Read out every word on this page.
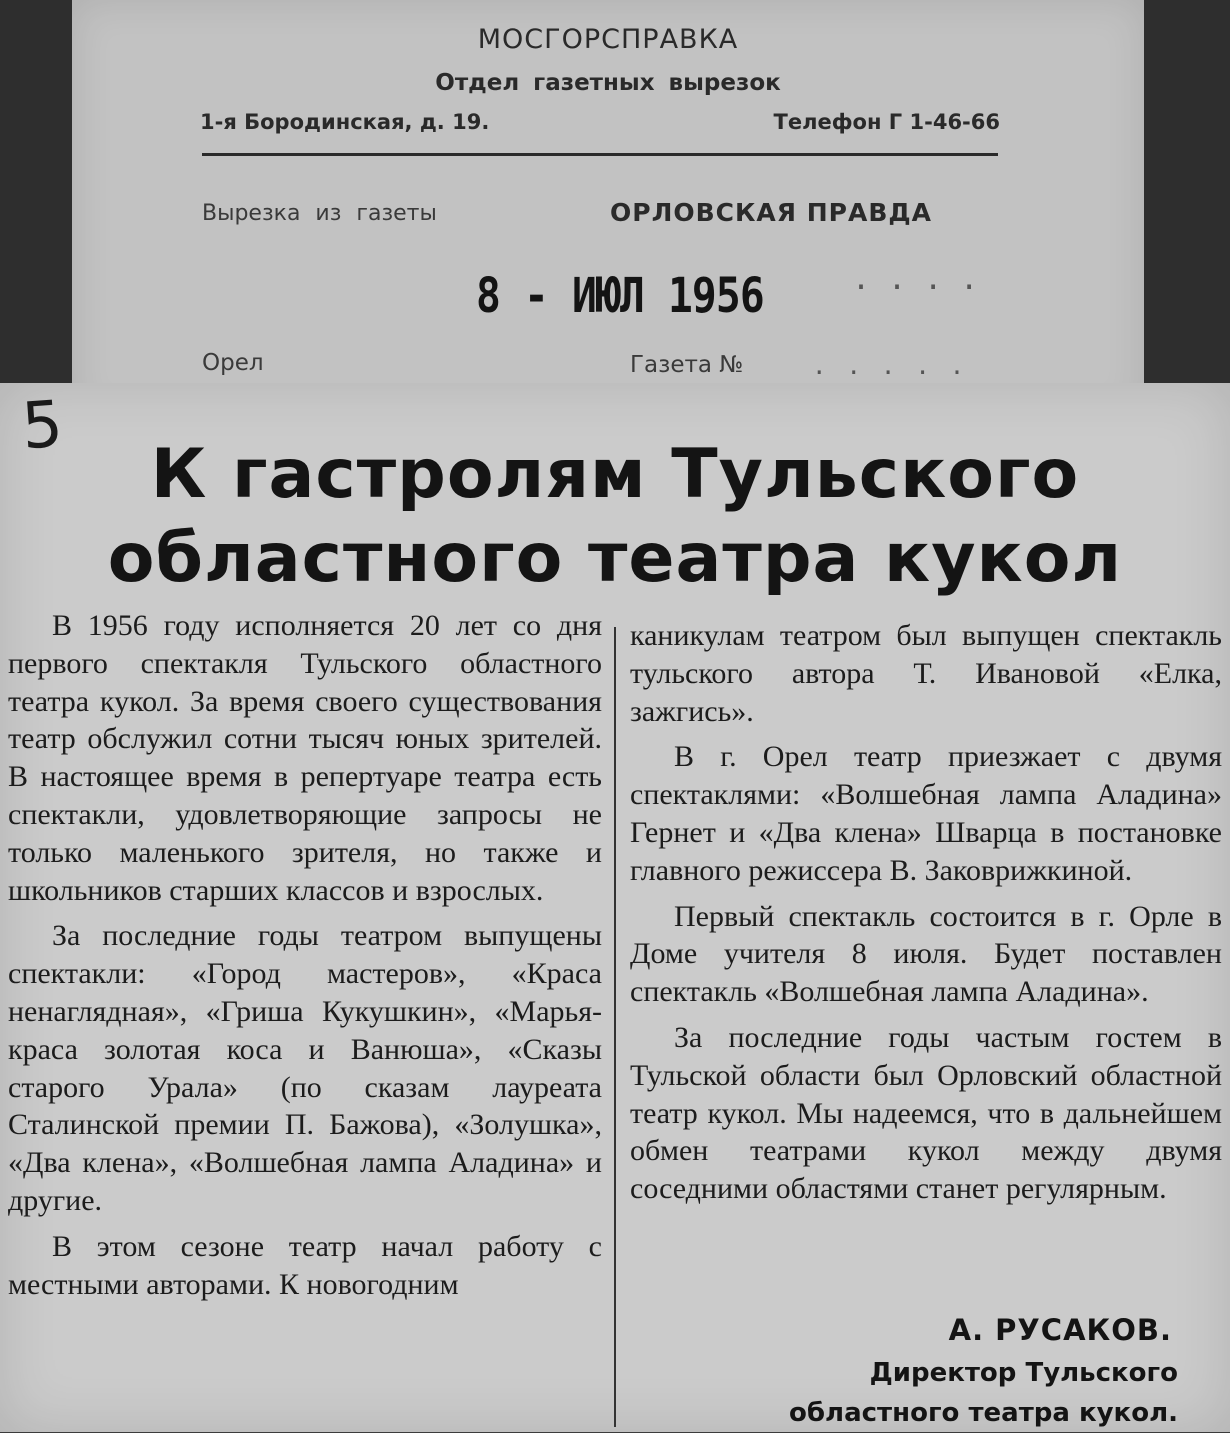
МОСГОРСПРАВКА
Отдел газетных вырезок
1-я Бородинская, д. 19.	Телефон Г 1-46-66
Вырезка из газеты	ОРЛОВСКАЯ ПРАВДА
8 - ИЮЛ 1956	....
Орел	Газета №	.....
5
К гастролям Тульского
областного театра кукол

В 1956 году исполняется 20 лет со дня первого спектакля Тульского областного театра кукол. За время своего существования театр обслужил сотни тысяч юных зрителей. В настоящее время в репертуаре театра есть спектакли, удовлетворяющие запросы не только маленького зрителя, но также и школьников старших классов и взрослых.

За последние годы театром выпущены спектакли: «Город мастеров», «Краса ненаглядная», «Гриша Кукушкин», «Марья-краса золотая коса и Ванюша», «Сказы старого Урала» (по сказам лауреата Сталинской премии П. Бажова), «Золушка», «Два клена», «Волшебная лампа Аладина» и другие.

В этом сезоне театр начал работу с местными авторами. К новогодним

каникулам театром был выпущен спектакль тульского автора Т. Ивановой «Елка, зажгись».

В г. Орел театр приезжает с двумя спектаклями: «Волшебная лампа Аладина» Гернет и «Два клена» Шварца в постановке главного режиссера В. Заковрижкиной.

Первый спектакль состоится в г. Орле в Доме учителя 8 июля. Будет поставлен спектакль «Волшебная лампа Аладина».

За последние годы частым гостем в Тульской области был Орловский областной театр кукол. Мы надеемся, что в дальнейшем обмен театрами кукол между двумя соседними областями станет регулярным.

А. РУСАКОВ.
Директор Тульского
областного театра кукол.
